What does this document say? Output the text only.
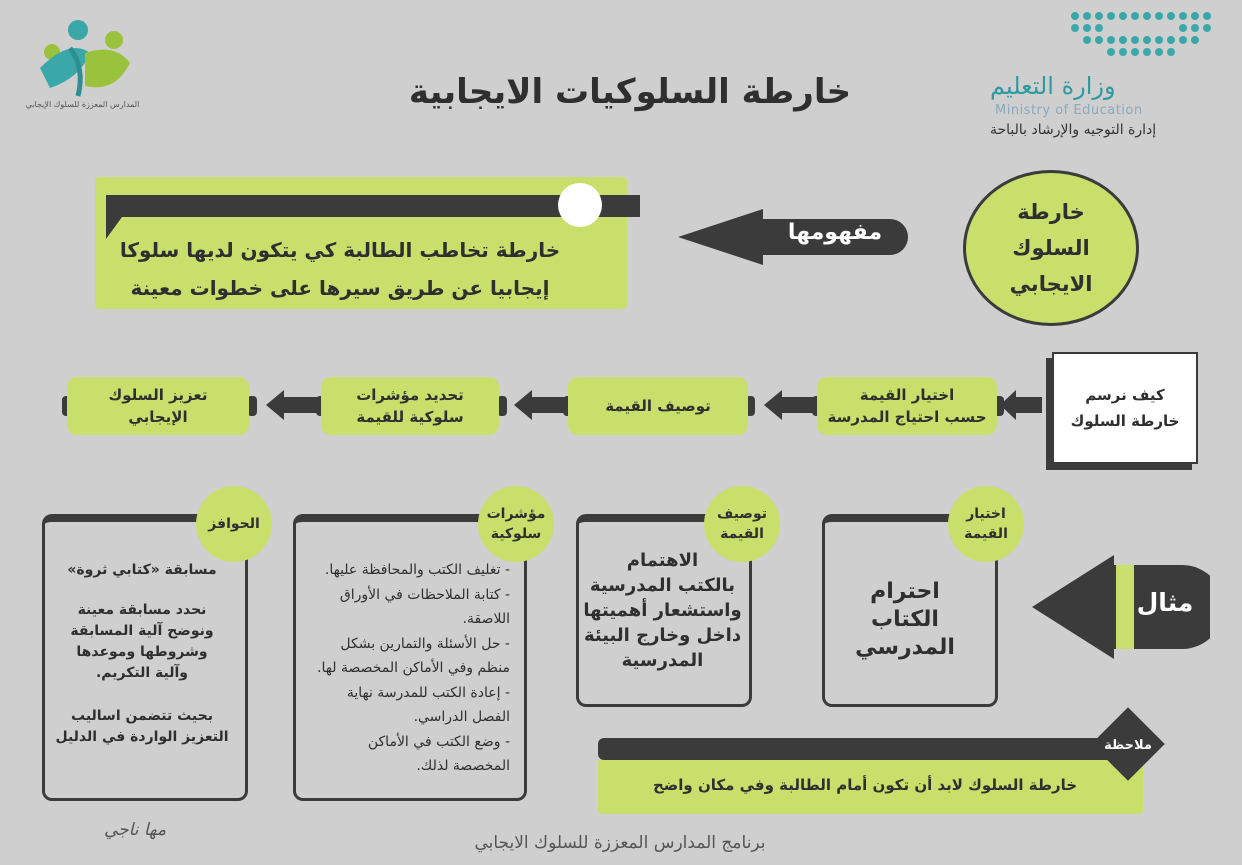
خارطة السلوكيات الايجابية	وزارة التعليم
Ministry of Education
إدارة التوجيه والإرشاد بالباحة
المدارس المعززة للسلوك الإيجابي
خارطة
السلوك
الايجابي
مفهومها
خارطة تخاطب الطالبة كي يتكون لديها سلوكا
إيجابيا عن طريق سيرها على خطوات معينة
كيف نرسم
خارطة السلوك
اختيار القيمة
حسب احتياج المدرسة
توصيف القيمة
تحديد مؤشرات
سلوكية للقيمة
تعزيز السلوك
الإيجابي
مثال
اختيار
القيمة
احترام
الكتاب المدرسي
توصيف
القيمة
الاهتمام
بالكتب المدرسية
واستشعار أهميتها
داخل وخارج البيئة
المدرسية
مؤشرات
سلوكية
- تغليف الكتب والمحافظة عليها.
- كتابة الملاحظات في الأوراق
اللاصقة.
- حل الأسئلة والتمارين بشكل
منظم وفي الأماكن المخصصة لها.
- إعادة الكتب للمدرسة نهاية
الفصل الدراسي.
- وضع الكتب في الأماكن
المخصصة لذلك.
الحوافز
مسابقة «كتابي ثروة»
نحدد مسابقة معينة
ونوضح آلية المسابقة
وشروطها وموعدها
وآلية التكريم.
بحيث تتضمن اساليب
التعزيز الواردة في الدليل
ملاحظة
خارطة السلوك لابد أن تكون أمام الطالبة وفي مكان واضح
برنامج المدارس المعززة للسلوك الايجابي
مها ناجي
